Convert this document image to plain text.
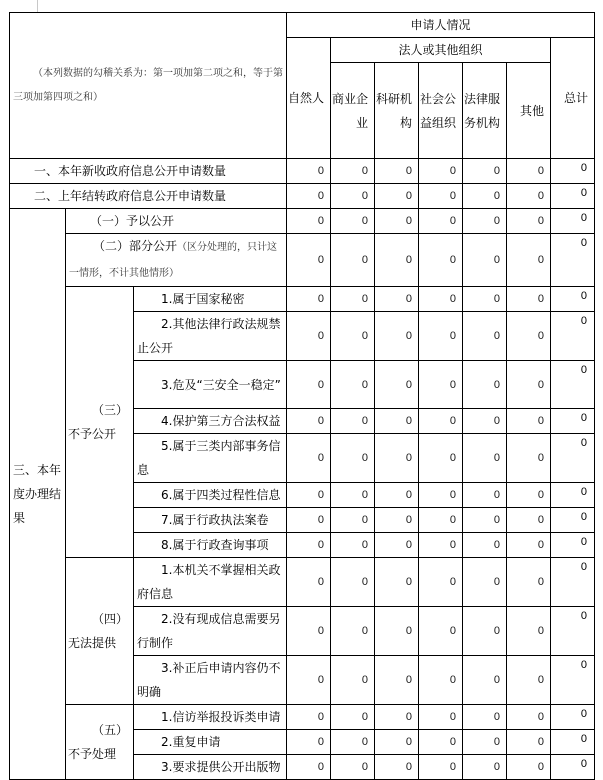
（本列数据的勾稽关系为：第一项加第二项之和，等于第三项加第四项之和）			申请人情况						
			自然人	法人或其他组织					总计
				商业企业	科研机构	社会公益组织	法律服务机构	其他	
一、本年新收政府信息公开申请数量			0	0	0	0	0	0	0
二、上年结转政府信息公开申请数量			0	0	0	0	0	0	0
三、本年度办理结果	（一）予以公开		0	0	0	0	0	0	0
	（二）部分公开（区分处理的，只计这一情形，不计其他情形）		0	0	0	0	0	0	0

	（三）不予公开	1.属于国家秘密	0	0	0	0	0	0	0
		2.其他法律行政法规禁止公开	0	0	0	0	0	0	0
		3.危及“三安全一稳定”	0	0	0	0	0	0	0
		4.保护第三方合法权益	0	0	0	0	0	0	0
		5.属于三类内部事务信息	0	0	0	0	0	0	0
		6.属于四类过程性信息	0	0	0	0	0	0	0
		7.属于行政执法案卷	0	0	0	0	0	0	0
		8.属于行政查询事项	0	0	0	0	0	0	0

	（四）无法提供	1.本机关不掌握相关政府信息	0	0	0	0	0	0	0
		2.没有现成信息需要另行制作	0	0	0	0	0	0	0
		3.补正后申请内容仍不明确	0	0	0	0	0	0	0

	（五）不予处理	1.信访举报投诉类申请	0	0	0	0	0	0	0
		2.重复申请	0	0	0	0	0	0	0
		3.要求提供公开出版物	0	0	0	0	0	0	0
